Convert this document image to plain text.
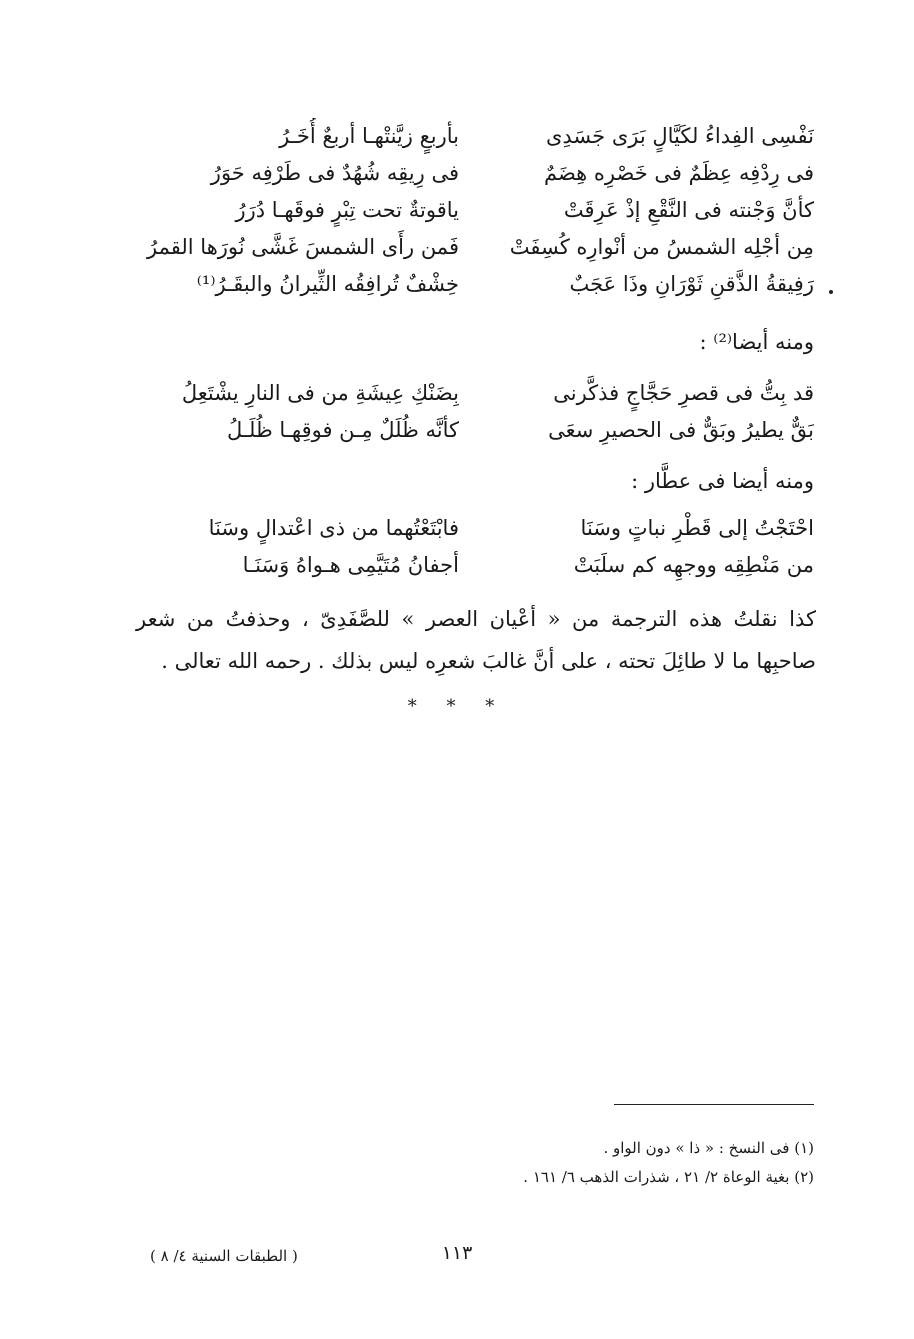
نَفْسِى الفِداءُ لكَيَّالٍ بَرَى جَسَدِى
بأربعٍ زيَّنتْهـا أربعٌ أُخَـرُ
فى رِدْفِه عِظَمٌ فى خَصْرِه هِضَمٌ
فى رِيقِه شُهُدٌ فى طَرْفِه حَوَرُ
كأنَّ وَجْنته فى النَّقْعِ إذْ عَرِقَتْ
ياقوتةٌ تحت تِبْرٍ فوقَهـا دُرَرُ
مِن أجْلِه الشمسُ من أنْوارِه كُسِفَتْ
فَمن رأَى الشمسَ غَشَّى نُورَها القمرُ
رَفِيقةُ الذَّقنِ ثَوْرَانِ وذَا عَجَبٌ
خِشْفٌ تُرافِقُه الثِّيرانُ والبقَـرُ⁽¹⁾
ومنه أيضا⁽²⁾ :
قد بِتُّ فى قصرِ حَجَّاجٍ فذكَّرنى
بِضَنْكِ عِيشَةِ من فى النارِ يشْتَعِلُ
بَقٌّ يطيرُ وبَقٌّ فى الحصيرِ سعَى
كأنَّه ظُلَلٌ مِـن فوقِهـا ظُلَـلُ
ومنه أيضا فى عطَّار :
احْتَجْتُ إلى قَطْرِ نباتٍ وسَنَا
فابْتَعْتُهما من ذى اعْتدالٍ وسَنَا
من مَنْطِقِه ووجهِه كم سلَبَتْ
أجفانُ مُتَيَّمِى هـواهُ وَسَنَـا
كذا نقلتُ هذه الترجمة من « أعْيان العصر » للصَّفَدِىّ ، وحذفتُ من شعر صاحبِها ما لا طائِلَ تحته ، على أنَّ غالبَ شعرِه ليس بذلك . رحمه الله تعالى .
* * *
(١) فى النسخ : « ذا » دون الواو .
(٢) بغية الوعاة ٢/ ٢١ ، شذرات الذهب ٦/ ١٦١ .
١١٣
( الطبقات السنية ٤/ ٨ )
